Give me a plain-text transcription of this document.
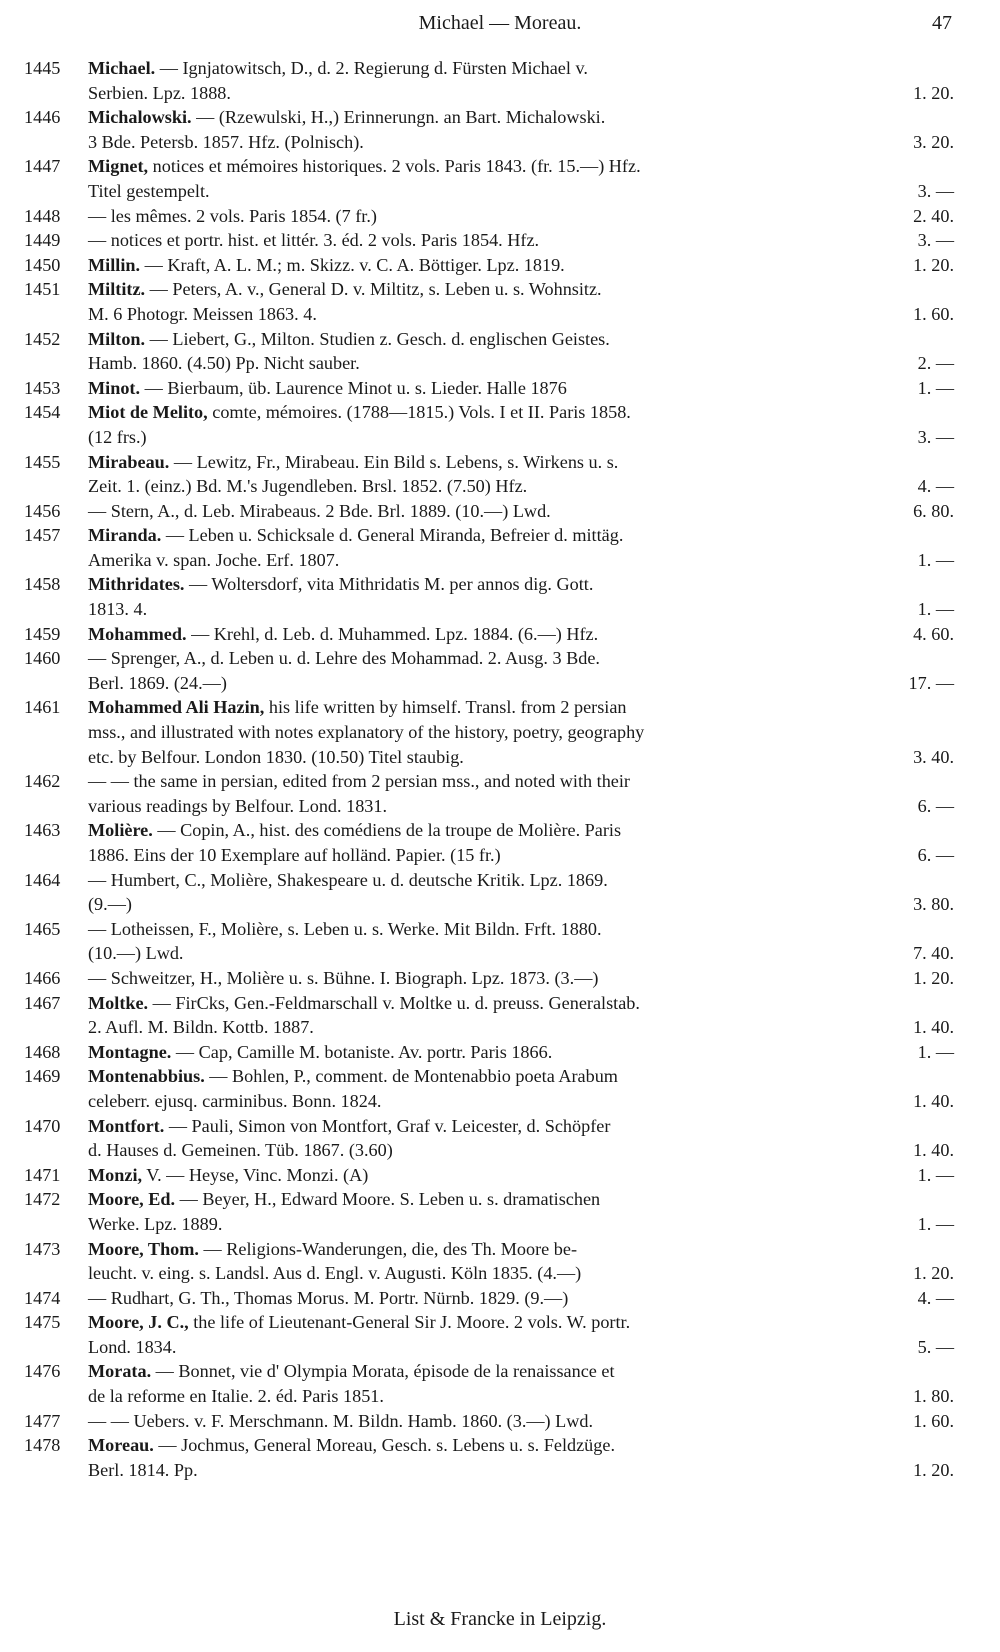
Michael — Moreau.	47
1445	Michael. — Ignjatowitsch, D., d. 2. Regierung d. Fürsten Michael v.
Serbien. Lpz. 1888.	1. 20.
1446	Michalowski. — (Rzewulski, H.,) Erinnerungn. an Bart. Michalowski.
3 Bde. Petersb. 1857. Hfz. (Polnisch).	3. 20.
1447	Mignet, notices et mémoires historiques. 2 vols. Paris 1843. (fr. 15.—) Hfz.
Titel gestempelt.	3. —
1448	— les mêmes. 2 vols. Paris 1854. (7 fr.)	2. 40.
1449	— notices et portr. hist. et littér. 3. éd. 2 vols. Paris 1854. Hfz.	3. —
1450	Millin. — Kraft, A. L. M.; m. Skizz. v. C. A. Böttiger. Lpz. 1819.	1. 20.
1451	Miltitz. — Peters, A. v., General D. v. Miltitz, s. Leben u. s. Wohnsitz.
M. 6 Photogr. Meissen 1863. 4.	1. 60.
1452	Milton. — Liebert, G., Milton. Studien z. Gesch. d. englischen Geistes.
Hamb. 1860. (4.50) Pp. Nicht sauber.	2. —
1453	Minot. — Bierbaum, üb. Laurence Minot u. s. Lieder. Halle 1876	1. —
1454	Miot de Melito, comte, mémoires. (1788—1815.) Vols. I et II. Paris 1858.
(12 frs.)	3. —
1455	Mirabeau. — Lewitz, Fr., Mirabeau. Ein Bild s. Lebens, s. Wirkens u. s.
Zeit. 1. (einz.) Bd. M.'s Jugendleben. Brsl. 1852. (7.50) Hfz.	4. —
1456	— Stern, A., d. Leb. Mirabeaus. 2 Bde. Brl. 1889. (10.—) Lwd.	6. 80.
1457	Miranda. — Leben u. Schicksale d. General Miranda, Befreier d. mittäg.
Amerika v. span. Joche. Erf. 1807.	1. —
1458	Mithridates. — Woltersdorf, vita Mithridatis M. per annos dig. Gott.
1813. 4.	1. —
1459	Mohammed. — Krehl, d. Leb. d. Muhammed. Lpz. 1884. (6.—) Hfz.	4. 60.
1460	— Sprenger, A., d. Leben u. d. Lehre des Mohammad. 2. Ausg. 3 Bde.
Berl. 1869. (24.—)	17. —
1461	Mohammed Ali Hazin, his life written by himself. Transl. from 2 persian
mss., and illustrated with notes explanatory of the history, poetry, geography
etc. by Belfour. London 1830. (10.50) Titel staubig.	3. 40.
1462	— — the same in persian, edited from 2 persian mss., and noted with their
various readings by Belfour. Lond. 1831.	6. —
1463	Molière. — Copin, A., hist. des comédiens de la troupe de Molière. Paris
1886. Eins der 10 Exemplare auf holländ. Papier. (15 fr.)	6. —
1464	— Humbert, C., Molière, Shakespeare u. d. deutsche Kritik. Lpz. 1869.
(9.—)	3. 80.
1465	— Lotheissen, F., Molière, s. Leben u. s. Werke. Mit Bildn. Frft. 1880.
(10.—) Lwd.	7. 40.
1466	— Schweitzer, H., Molière u. s. Bühne. I. Biograph. Lpz. 1873. (3.—)	1. 20.
1467	Moltke. — FirCks, Gen.-Feldmarschall v. Moltke u. d. preuss. Generalstab.
2. Aufl. M. Bildn. Kottb. 1887.	1. 40.
1468	Montagne. — Cap, Camille M. botaniste. Av. portr. Paris 1866.	1. —
1469	Montenabbius. — Bohlen, P., comment. de Montenabbio poeta Arabum
celeberr. ejusq. carminibus. Bonn. 1824.	1. 40.
1470	Montfort. — Pauli, Simon von Montfort, Graf v. Leicester, d. Schöpfer
d. Hauses d. Gemeinen. Tüb. 1867. (3.60)	1. 40.
1471	Monzi, V. — Heyse, Vinc. Monzi. (A)	1. —
1472	Moore, Ed. — Beyer, H., Edward Moore. S. Leben u. s. dramatischen
Werke. Lpz. 1889.	1. —
1473	Moore, Thom. — Religions-Wanderungen, die, des Th. Moore be-
leucht. v. eing. s. Landsl. Aus d. Engl. v. Augusti. Köln 1835. (4.—)	1. 20.
1474	— Rudhart, G. Th., Thomas Morus. M. Portr. Nürnb. 1829. (9.—)	4. —
1475	Moore, J. C., the life of Lieutenant-General Sir J. Moore. 2 vols. W. portr.
Lond. 1834.	5. —
1476	Morata. — Bonnet, vie d' Olympia Morata, épisode de la renaissance et
de la reforme en Italie. 2. éd. Paris 1851.	1. 80.
1477	— — Uebers. v. F. Merschmann. M. Bildn. Hamb. 1860. (3.—) Lwd.	1. 60.
1478	Moreau. — Jochmus, General Moreau, Gesch. s. Lebens u. s. Feldzüge.
Berl. 1814. Pp.	1. 20.
List & Francke in Leipzig.
